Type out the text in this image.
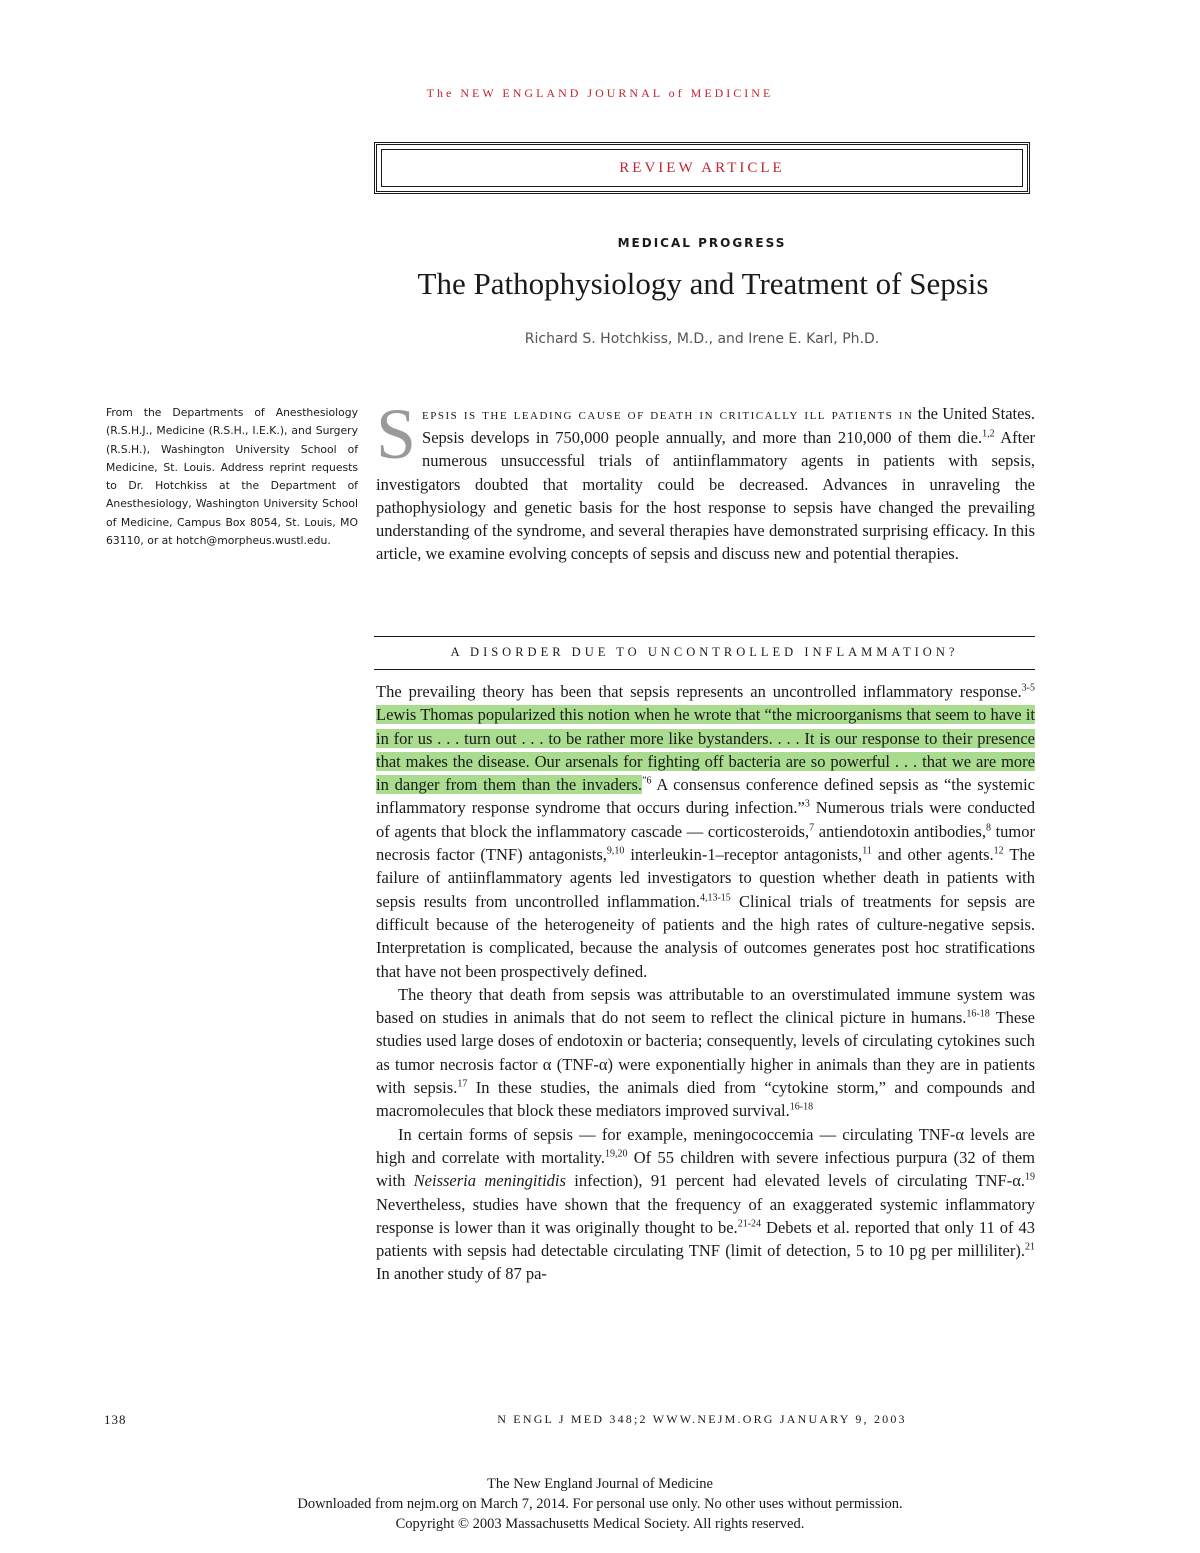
The NEW ENGLAND JOURNAL of MEDICINE
REVIEW ARTICLE
MEDICAL PROGRESS
The Pathophysiology and Treatment of Sepsis
Richard S. Hotchkiss, M.D., and Irene E. Karl, Ph.D.
From the Departments of Anesthesiology (R.S.H.J., Medicine (R.S.H., I.E.K.), and Surgery (R.S.H.), Washington University School of Medicine, St. Louis. Address reprint requests to Dr. Hotchkiss at the Department of Anesthesiology, Washington University School of Medicine, Campus Box 8054, St. Louis, MO 63110, or at hotch@morpheus.wustl.edu.
Sepsis is the leading cause of death in critically ill patients in the United States. Sepsis develops in 750,000 people annually, and more than 210,000 of them die.$^{1,2}$ After numerous unsuccessful trials of antiinflammatory agents in patients with sepsis, investigators doubted that mortality could be decreased. Advances in unraveling the pathophysiology and genetic basis for the host response to sepsis have changed the prevailing understanding of the syndrome, and several therapies have demonstrated surprising efficacy. In this article, we examine evolving concepts of sepsis and discuss new and potential therapies.
A DISORDER DUE TO UNCONTROLLED INFLAMMATION?

The prevailing theory has been that sepsis represents an uncontrolled inflammatory response.$^{3-5}$ Lewis Thomas popularized this notion when he wrote that “the microorganisms that seem to have it in for us . . . turn out . . . to be rather more like bystanders. . . . It is our response to their presence that makes the disease. Our arsenals for fighting off bacteria are so powerful . . . that we are more in danger from them than the invaders.$^{”6}$ A consensus conference defined sepsis as “the systemic inflammatory response syndrome that occurs during infection.”$^3$ Numerous trials were conducted of agents that block the inflammatory cascade — corticosteroids,$^7$ antiendotoxin antibodies,$^8$ tumor necrosis factor (TNF) antagonists,$^{9,10}$ interleukin-1–receptor antagonists,$^{11}$ and other agents.$^{12}$ The failure of antiinflammatory agents led investigators to question whether death in patients with sepsis results from uncontrolled inflammation.$^{4,13-15}$ Clinical trials of treatments for sepsis are difficult because of the heterogeneity of patients and the high rates of culture-negative sepsis. Interpretation is complicated, because the analysis of outcomes generates post hoc stratifications that have not been prospectively defined.

The theory that death from sepsis was attributable to an overstimulated immune system was based on studies in animals that do not seem to reflect the clinical picture in humans.$^{16-18}$ These studies used large doses of endotoxin or bacteria; consequently, levels of circulating cytokines such as tumor necrosis factor α (TNF-α) were exponentially higher in animals than they are in patients with sepsis.$^{17}$ In these studies, the animals died from “cytokine storm,” and compounds and macromolecules that block these mediators improved survival.$^{16-18}$

In certain forms of sepsis — for example, meningococcemia — circulating TNF-α levels are high and correlate with mortality.$^{19,20}$ Of 55 children with severe infectious purpura (32 of them with Neisseria meningitidis infection), 91 percent had elevated levels of circulating TNF-α.$^{19}$ Nevertheless, studies have shown that the frequency of an exaggerated systemic inflammatory response is lower than it was originally thought to be.$^{21-24}$ Debets et al. reported that only 11 of 43 patients with sepsis had detectable circulating TNF (limit of detection, 5 to 10 pg per milliliter).$^{21}$ In another study of 87 pa-

138	N ENGL J MED 348;2 WWW.NEJM.ORG JANUARY 9, 2003
The New England Journal of Medicine
Downloaded from nejm.org on March 7, 2014. For personal use only. No other uses without permission.
Copyright © 2003 Massachusetts Medical Society. All rights reserved.
